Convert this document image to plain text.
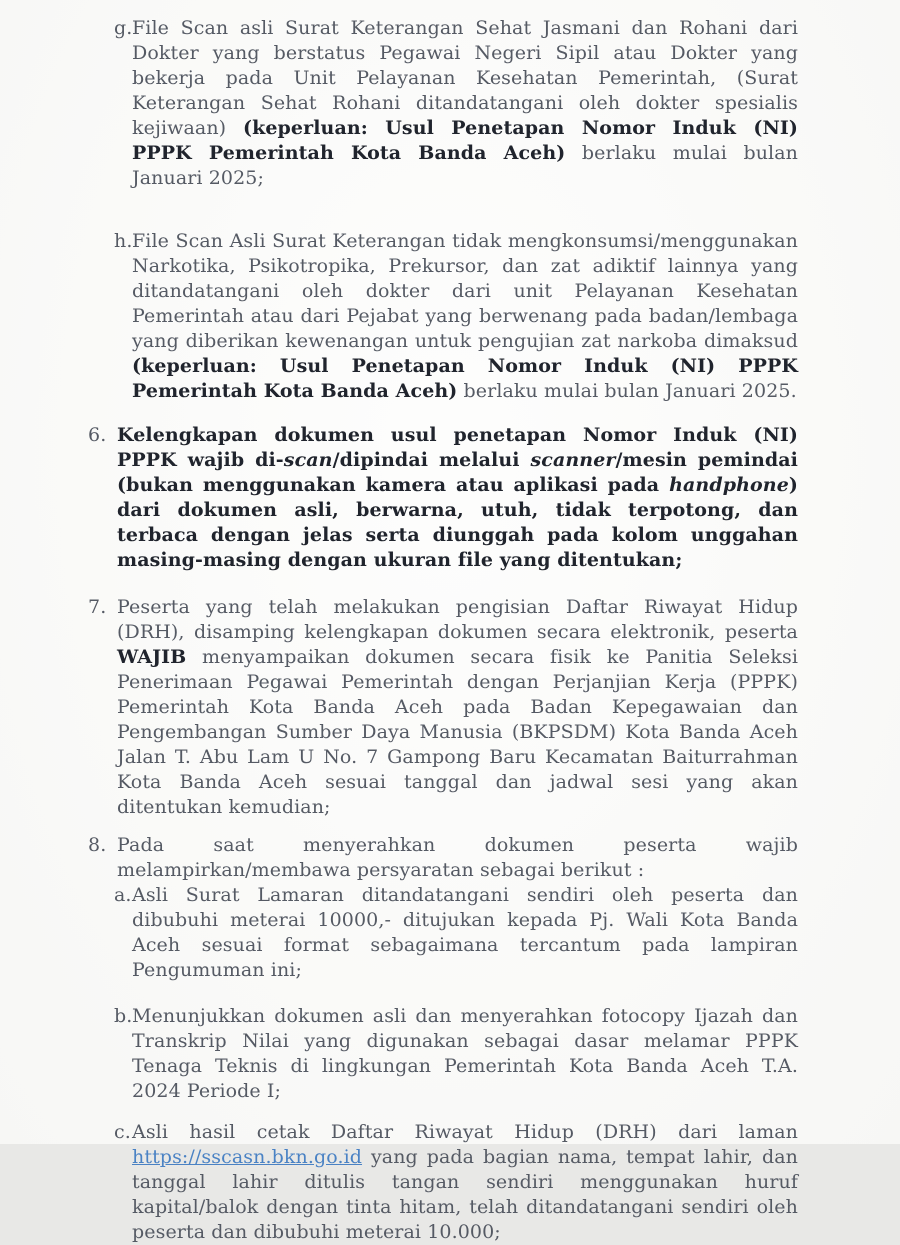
g. File Scan asli Surat Keterangan Sehat Jasmani dan Rohani dari Dokter yang berstatus Pegawai Negeri Sipil atau Dokter yang bekerja pada Unit Pelayanan Kesehatan Pemerintah, (Surat Keterangan Sehat Rohani ditandatangani oleh dokter spesialis kejiwaan) (keperluan: Usul Penetapan Nomor Induk (NI) PPPK Pemerintah Kota Banda Aceh) berlaku mulai bulan Januari 2025;

h. File Scan Asli Surat Keterangan tidak mengkonsumsi/menggunakan Narkotika, Psikotropika, Prekursor, dan zat adiktif lainnya yang ditandatangani oleh dokter dari unit Pelayanan Kesehatan Pemerintah atau dari Pejabat yang berwenang pada badan/lembaga yang diberikan kewenangan untuk pengujian zat narkoba dimaksud (keperluan: Usul Penetapan Nomor Induk (NI) PPPK Pemerintah Kota Banda Aceh) berlaku mulai bulan Januari 2025.

6. Kelengkapan dokumen usul penetapan Nomor Induk (NI) PPPK wajib di-scan/dipindai melalui scanner/mesin pemindai (bukan menggunakan kamera atau aplikasi pada handphone) dari dokumen asli, berwarna, utuh, tidak terpotong, dan terbaca dengan jelas serta diunggah pada kolom unggahan masing-masing dengan ukuran file yang ditentukan;

7. Peserta yang telah melakukan pengisian Daftar Riwayat Hidup (DRH), disamping kelengkapan dokumen secara elektronik, peserta WAJIB menyampaikan dokumen secara fisik ke Panitia Seleksi Penerimaan Pegawai Pemerintah dengan Perjanjian Kerja (PPPK) Pemerintah Kota Banda Aceh pada Badan Kepegawaian dan Pengembangan Sumber Daya Manusia (BKPSDM) Kota Banda Aceh Jalan T. Abu Lam U No. 7 Gampong Baru Kecamatan Baiturrahman Kota Banda Aceh sesuai tanggal dan jadwal sesi yang akan ditentukan kemudian;

8. Pada saat menyerahkan dokumen peserta wajib melampirkan/membawa persyaratan sebagai berikut :

a. Asli Surat Lamaran ditandatangani sendiri oleh peserta dan dibubuhi meterai 10000,- ditujukan kepada Pj. Wali Kota Banda Aceh sesuai format sebagaimana tercantum pada lampiran Pengumuman ini;

b. Menunjukkan dokumen asli dan menyerahkan fotocopy Ijazah dan Transkrip Nilai yang digunakan sebagai dasar melamar PPPK Tenaga Teknis di lingkungan Pemerintah Kota Banda Aceh T.A. 2024 Periode I;

c. Asli hasil cetak Daftar Riwayat Hidup (DRH) dari laman https://sscasn.bkn.go.id yang pada bagian nama, tempat lahir, dan tanggal lahir ditulis tangan sendiri menggunakan huruf kapital/balok dengan tinta hitam, telah ditandatangani sendiri oleh peserta dan dibubuhi meterai 10.000;
